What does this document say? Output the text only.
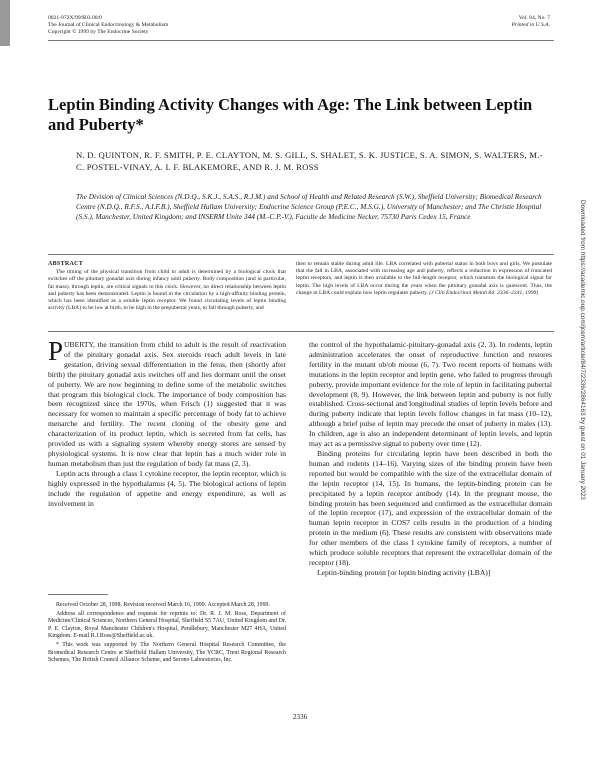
0021-972X/99/$03.00/0
The Journal of Clinical Endocrinology & Metabolism
Copyright © 1999 by The Endocrine Society
Vol. 84, No. 7
Printed in U.S.A.
Leptin Binding Activity Changes with Age: The Link between Leptin and Puberty*
N. D. QUINTON, R. F. SMITH, P. E. CLAYTON, M. S. GILL, S. SHALET, S. K. JUSTICE, S. A. SIMON, S. WALTERS, M.-C. POSTEL-VINAY, A. I. F. BLAKEMORE, AND R. J. M. ROSS
The Division of Clinical Sciences (N.D.Q., S.K.J., S.A.S., R.J.M.) and School of Health and Related Research (S.W.), Sheffield University; Biomedical Research Centre (N.D.Q., R.F.S., A.I.F.B.), Sheffield Hallam University; Endocrine Science Group (P.E.C., M.S.G.), University of Manchester; and The Christie Hospital (S.S.), Manchester, United Kingdom; and INSERM Unite 344 (M.-C.P.-V.), Faculte de Medicine Necker, 75730 Paris Cedex 15, France
ABSTRACT

The timing of the physical transition from child to adult is determined by a biological clock that switches off the pituitary gonadal axis during infancy until puberty. Body composition (and in particular, fat mass), through leptin, are critical signals to this clock. However, no direct relationship between leptin and puberty has been demonstrated. Leptin is bound in the circulation by a high-affinity binding protein, which has been identified as a soluble leptin receptor. We found circulating levels of leptin binding activity (LBA) to be low at birth, to be high in the prepubertal years, to fall through puberty, and

then to remain stable during adult life. LBA correlated with pubertal status in both boys and girls. We postulate that the fall in LBA, associated with increasing age and puberty, reflects a reduction in expression of truncated leptin receptors, and leptin is then available to the full-length receptor, which transmits the biological signal for leptin. The high levels of LBA occur during the years when the pituitary gonadal axis is quiescent. Thus, the change in LBA could explain how leptin regulates puberty. (J Clin Endocrinol Metab 84: 2336–2341, 1999)

PUBERTY, the transition from child to adult is the result of reactivation of the pituitary gonadal axis. Sex steroids reach adult levels in late gestation, driving sexual differentiation in the fetus, then (shortly after birth) the pituitary gonadal axis switches off and lies dormant until the onset of puberty. We are now beginning to define some of the metabolic switches that program this biological clock. The importance of body composition has been recognized since the 1970s, when Frisch (1) suggested that it was necessary for women to maintain a specific percentage of body fat to achieve menarche and fertility. The recent cloning of the obesity gene and characterization of its product leptin, which is secreted from fat cells, has provided us with a signaling system whereby energy stores are sensed by physiological systems. It is now clear that leptin has a much wider role in human metabolism than just the regulation of body fat mass (2, 3).

Leptin acts through a class 1 cytokine receptor, the leptin receptor, which is highly expressed in the hypothalamus (4, 5). The biological actions of leptin include the regulation of appetite and energy expenditure, as well as involvement in

the control of the hypothalamic-pituitary-gonadal axis (2, 3). In rodents, leptin administration accelerates the onset of reproductive function and restores fertility in the mutant ob/ob mouse (6, 7). Two recent reports of humans with mutations in the leptin receptor and leptin gene, who failed to progress through puberty, provide important evidence for the role of leptin in facilitating pubertal development (8, 9). However, the link between leptin and puberty is not fully established. Cross-sectional and longitudinal studies of leptin levels before and during puberty indicate that leptin levels follow changes in fat mass (10–12), although a brief pulse of leptin may precede the onset of puberty in males (13). In children, age is also an independent determinant of leptin levels, and leptin may act as a permissive signal to puberty over time (12).

Binding proteins for circulating leptin have been described in both the human and rodents (14–16). Varying sizes of the binding protein have been reported but would be compatible with the size of the extracellular domain of the leptin receptor (14, 15). In humans, the leptin-binding protein can be precipitated by a leptin receptor antibody (14). In the pregnant mouse, the binding protein has been sequenced and confirmed as the extracellular domain of the leptin receptor (17), and expression of the extracellular domain of the human leptin receptor in COS7 cells results in the production of a binding protein in the medium (6). These results are consistent with observations made for other members of the class I cytokine family of receptors, a number of which produce soluble receptors that represent the extracellular domain of the receptor (18).

Leptin-binding protein [or leptin binding activity (LBA)]

Received October 28, 1998. Revision received March 16, 1999. Accepted March 28, 1999.

Address all correspondence and requests for reprints to: Dr. R. J. M. Ross, Department of Medicine/Clinical Sciences, Northern General Hospital, Sheffield S5 7AU, United Kingdom and Dr. P. E. Clayton, Royal Manchester Children's Hospital, Pendlebury, Manchester M27 4HA, United Kingdom. E-mail R.J.Ross@Sheffield.ac.uk.

* This work was supported by The Northern General Hospital Research Committee, the Biomedical Research Centre at Sheffield Hallam University, The YCRC, Trent Regional Research Schemes, The British Council Alliance Scheme, and Serono Laboratories, Inc.

2336
Downloaded from https://academic.oup.com/jcem/article/84/7/2336/2864163 by guest on 01 January 2023
